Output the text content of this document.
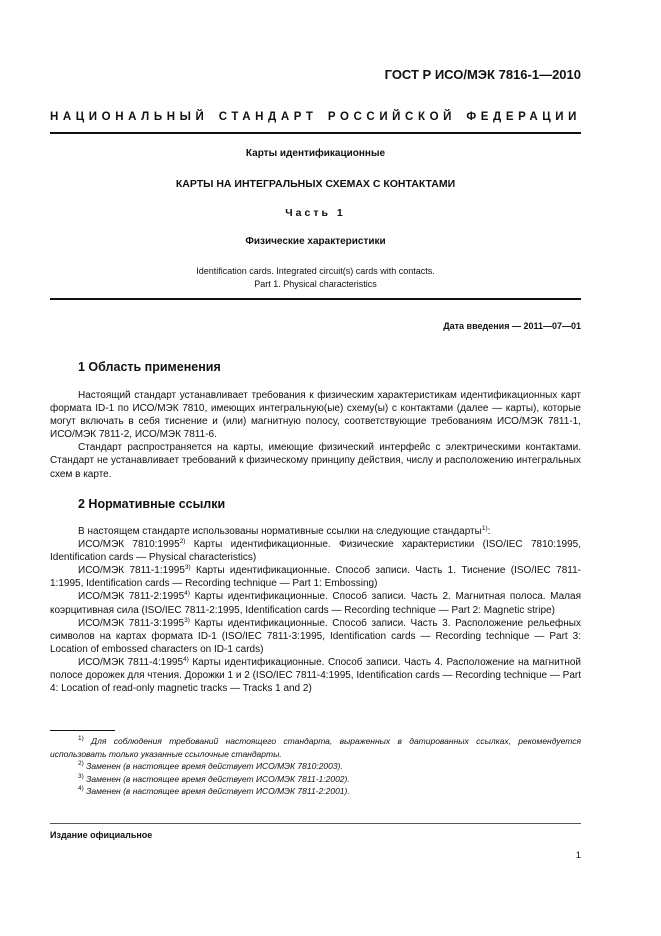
ГОСТ Р ИСО/МЭК 7816-1—2010
НАЦИОНАЛЬНЫЙ СТАНДАРТ РОССИЙСКОЙ ФЕДЕРАЦИИ
Карты идентификационные
КАРТЫ НА ИНТЕГРАЛЬНЫХ СХЕМАХ С КОНТАКТАМИ
Часть 1
Физические характеристики
Identification cards. Integrated circuit(s) cards with contacts.
Part 1. Physical characteristics
Дата введения — 2011—07—01
1 Область применения

Настоящий стандарт устанавливает требования к физическим характеристикам идентификационных карт формата ID-1 по ИСО/МЭК 7810, имеющих интегральную(ые) схему(ы) с контактами (далее — карты), которые могут включать в себя тиснение и (или) магнитную полосу, соответствующие требованиям ИСО/МЭК 7811-1, ИСО/МЭК 7811-2, ИСО/МЭК 7811-6.

Стандарт распространяется на карты, имеющие физический интерфейс с электрическими контактами. Стандарт не устанавливает требований к физическому принципу действия, числу и расположению интегральных схем в карте.

2 Нормативные ссылки

В настоящем стандарте использованы нормативные ссылки на следующие стандарты$^{1)}$:

ИСО/МЭК 7810:1995$^{2)}$ Карты идентификационные. Физические характеристики (ISO/IEC 7810:1995, Identification cards — Physical characteristics)

ИСО/МЭК 7811-1:1995$^{3)}$ Карты идентификационные. Способ записи. Часть 1. Тиснение (ISO/IEC 7811-1:1995, Identification cards — Recording technique — Part 1: Embossing)

ИСО/МЭК 7811-2:1995$^{4)}$ Карты идентификационные. Способ записи. Часть 2. Магнитная полоса. Малая коэрцитивная сила (ISO/IEC 7811-2:1995, Identification cards — Recording technique — Part 2: Magnetic stripe)

ИСО/МЭК 7811-3:1995$^{3)}$ Карты идентификационные. Способ записи. Часть 3. Расположение рельефных символов на картах формата ID-1 (ISO/IEC 7811-3:1995, Identification cards — Recording technique — Part 3: Location of embossed characters on ID-1 cards)

ИСО/МЭК 7811-4:1995$^{4)}$ Карты идентификационные. Способ записи. Часть 4. Расположение на магнитной полосе дорожек для чтения. Дорожки 1 и 2 (ISO/IEC 7811-4:1995, Identification cards — Recording technique — Part 4: Location of read-only magnetic tracks — Tracks 1 and 2)

$^{1)}$ Для соблюдения требований настоящего стандарта, выраженных в датированных ссылках, рекомендуется использовать только указанные ссылочные стандарты.

$^{2)}$ Заменен (в настоящее время действует ИСО/МЭК 7810:2003).

$^{3)}$ Заменен (в настоящее время действует ИСО/МЭК 7811-1:2002).

$^{4)}$ Заменен (в настоящее время действует ИСО/МЭК 7811-2:2001).

Издание официальное
1
